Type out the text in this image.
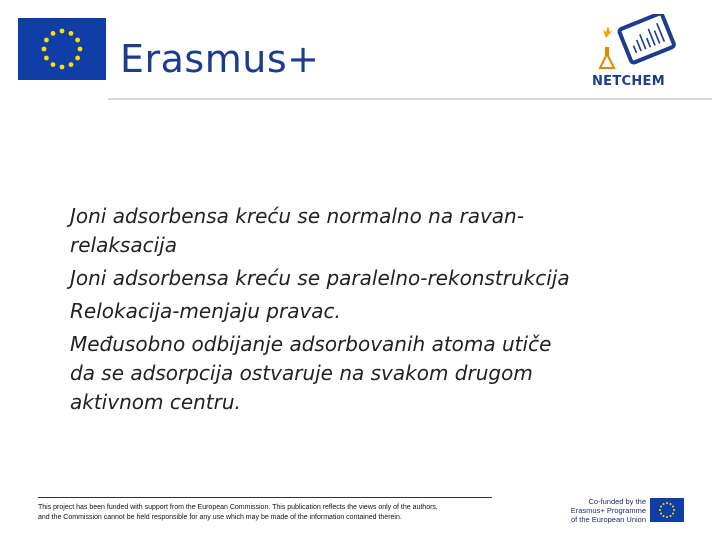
Erasmus+
NETCHEM

Joni adsorbensa kreću se normalno na ravan-
relaksacija

Joni adsorbensa kreću se paralelno-rekonstrukcija

Relokacija-menjaju pravac.

Međusobno odbijanje adsorbovanih atoma utiče
da se adsorpcija ostvaruje na svakom drugom
aktivnom centru.

This project has been funded with support from the European Commission. This publication reflects the views only of the authors,
and the Commission cannot be held responsible for any use which may be made of the information contained therein.
Co-funded by the
Erasmus+ Programme
of the European Union
